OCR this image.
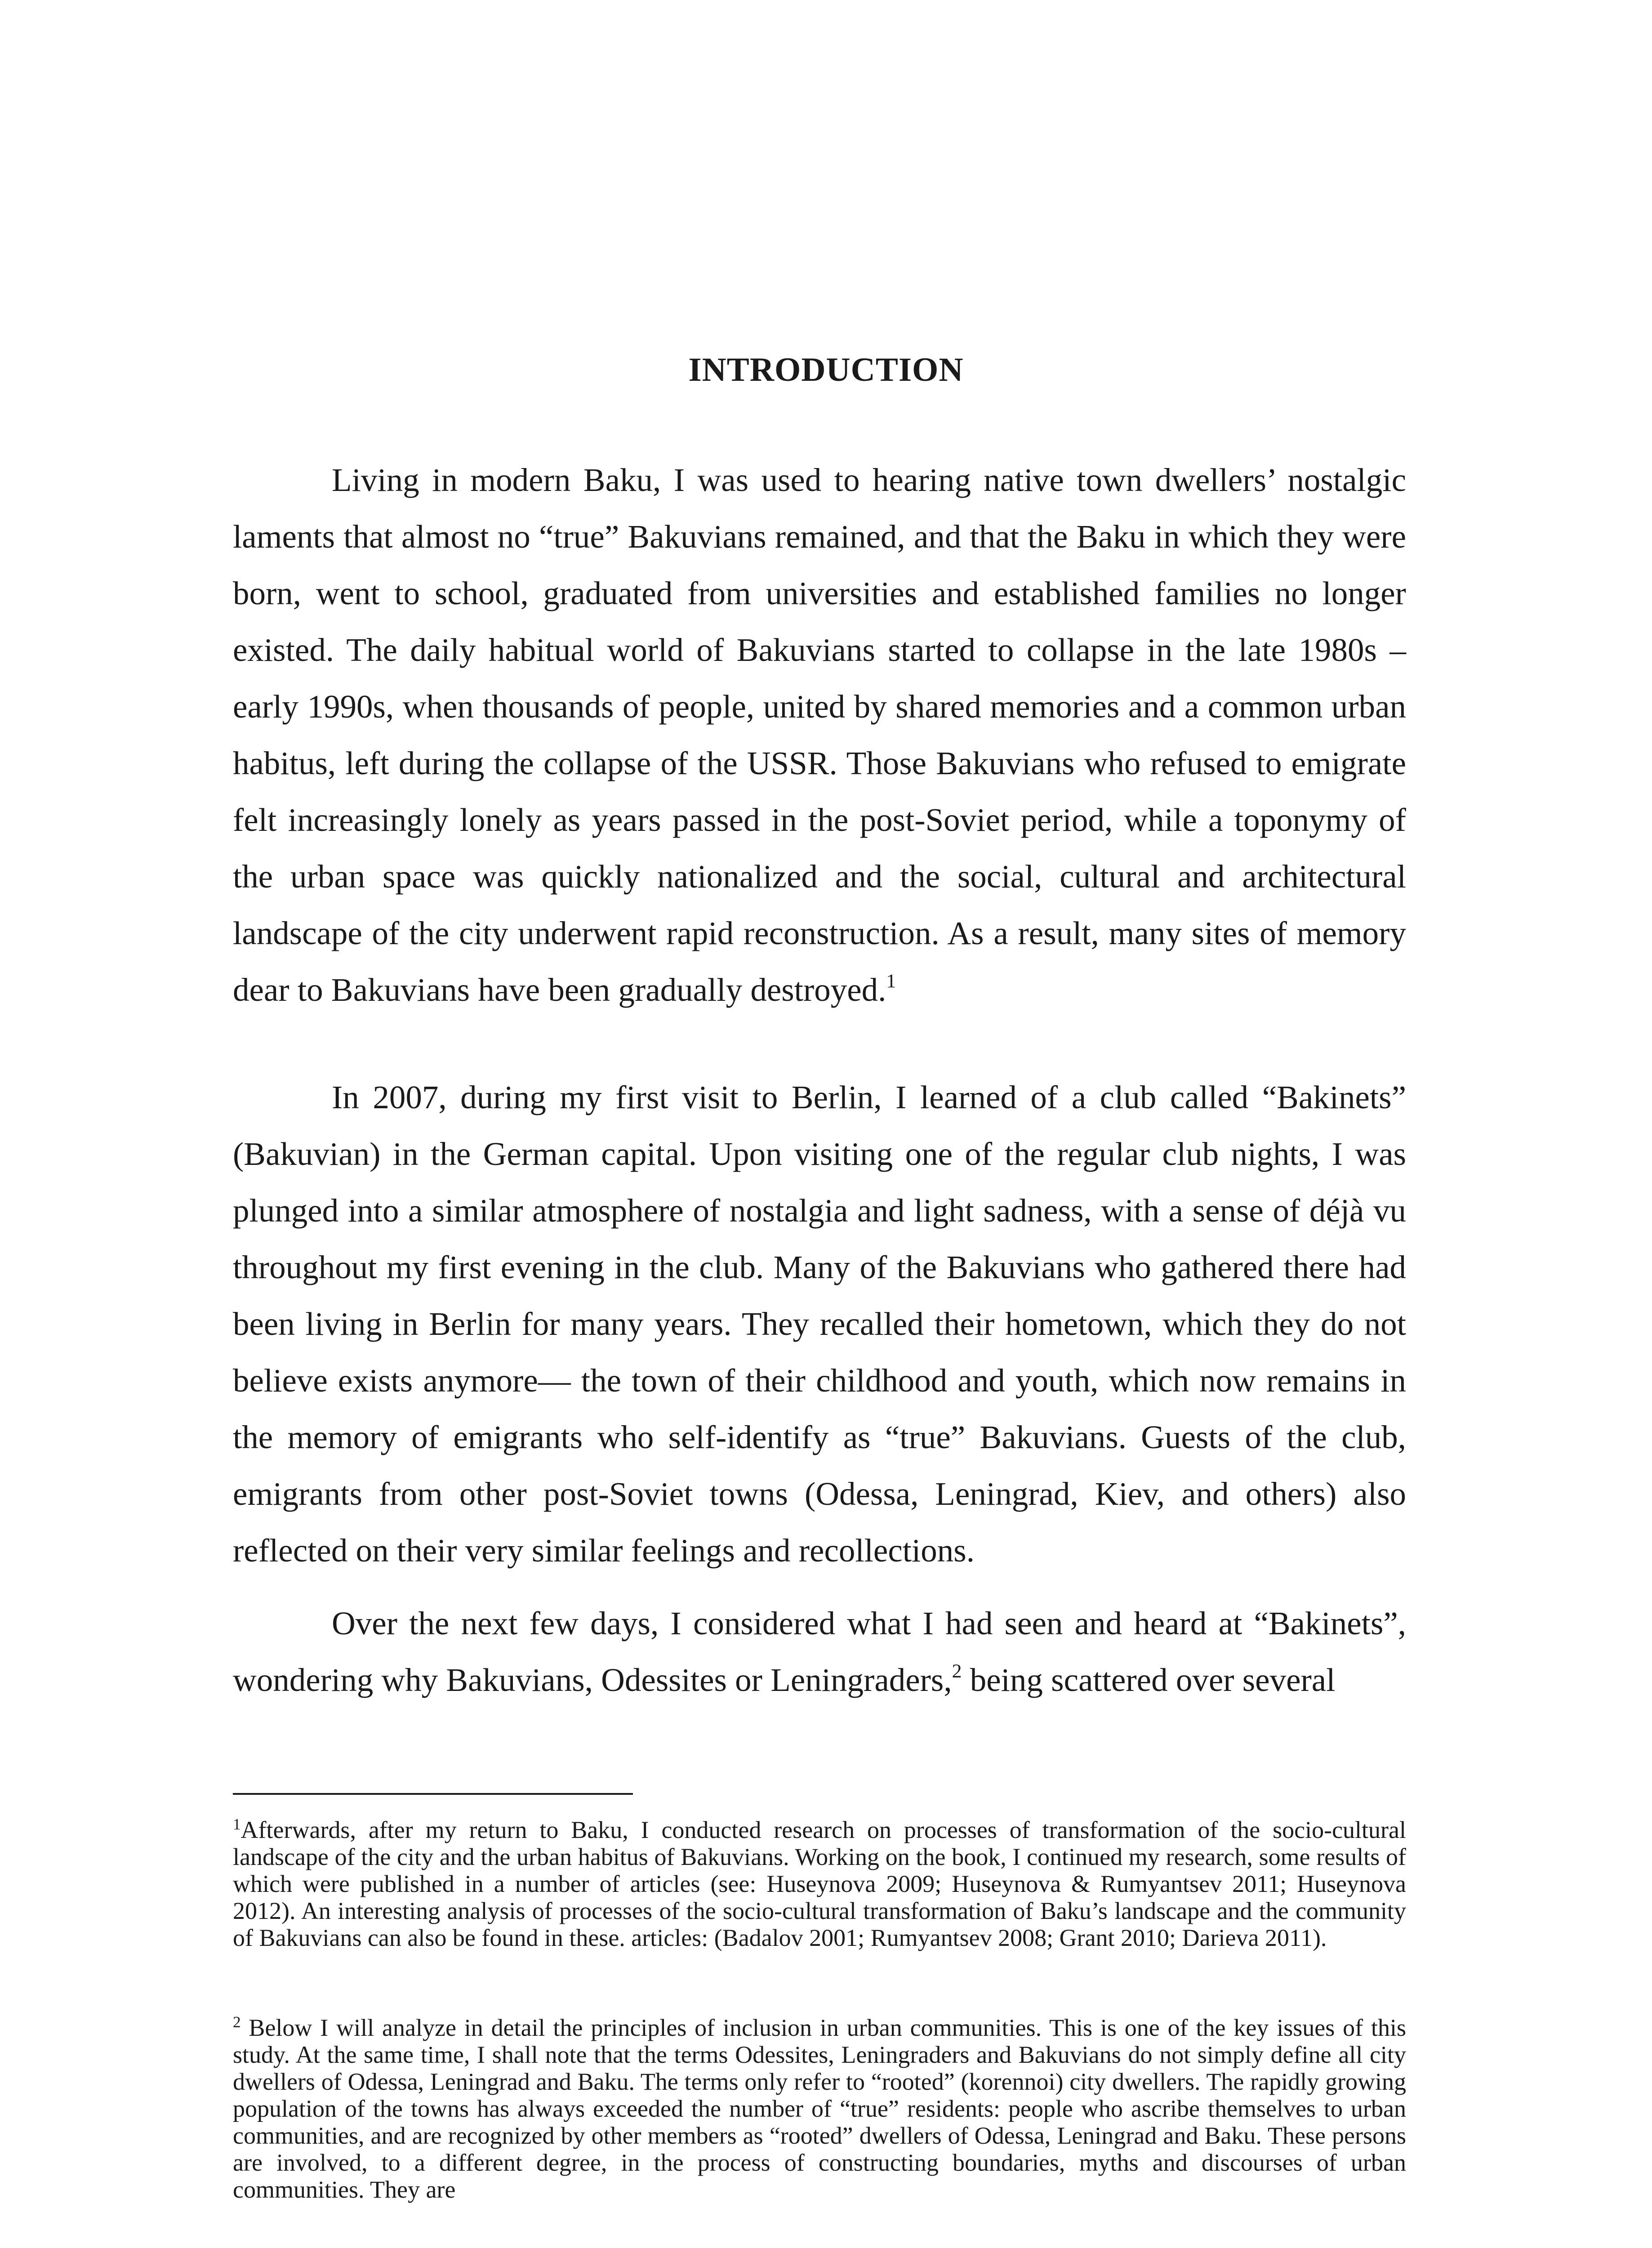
INTRODUCTION

Living in modern Baku, I was used to hearing native town dwellers’ nostalgic laments that almost no “true” Bakuvians remained, and that the Baku in which they were born, went to school, graduated from universities and established families no longer existed. The daily habitual world of Bakuvians started to collapse in the late 1980s – early 1990s, when thousands of people, united by shared memories and a common urban habitus, left during the collapse of the USSR. Those Bakuvians who refused to emigrate felt increasingly lonely as years passed in the post-Soviet period, while a toponymy of the urban space was quickly nationalized and the social, cultural and architectural landscape of the city underwent rapid reconstruction. As a result, many sites of memory dear to Bakuvians have been gradually destroyed.$^1$

In 2007, during my first visit to Berlin, I learned of a club called “Bakinets” (Bakuvian) in the German capital. Upon visiting one of the regular club nights, I was plunged into a similar atmosphere of nostalgia and light sadness, with a sense of déjà vu throughout my first evening in the club. Many of the Bakuvians who gathered there had been living in Berlin for many years. They recalled their hometown, which they do not believe exists anymore— the town of their childhood and youth, which now remains in the memory of emigrants who self-identify as “true” Bakuvians. Guests of the club, emigrants from other post-Soviet towns (Odessa, Leningrad, Kiev, and others) also reflected on their very similar feelings and recollections.

Over the next few days, I considered what I had seen and heard at “Bakinets”, wondering why Bakuvians, Odessites or Leningraders,$^2$ being scattered over several

$^1$Afterwards, after my return to Baku, I conducted research on processes of transformation of the socio-cultural landscape of the city and the urban habitus of Bakuvians. Working on the book, I continued my research, some results of which were published in a number of articles (see: Huseynova 2009; Huseynova & Rumyantsev 2011; Huseynova 2012). An interesting analysis of processes of the socio-cultural transformation of Baku’s landscape and the community of Bakuvians can also be found in these. articles: (Badalov 2001; Rumyantsev 2008; Grant 2010; Darieva 2011).

$^2$ Below I will analyze in detail the principles of inclusion in urban communities. This is one of the key issues of this study. At the same time, I shall note that the terms Odessites, Leningraders and Bakuvians do not simply define all city dwellers of Odessa, Leningrad and Baku. The terms only refer to “rooted” (korennoi) city dwellers. The rapidly growing population of the towns has always exceeded the number of “true” residents: people who ascribe themselves to urban communities, and are recognized by other members as “rooted” dwellers of Odessa, Leningrad and Baku. These persons are involved, to a different degree, in the process of constructing boundaries, myths and discourses of urban communities. They are
